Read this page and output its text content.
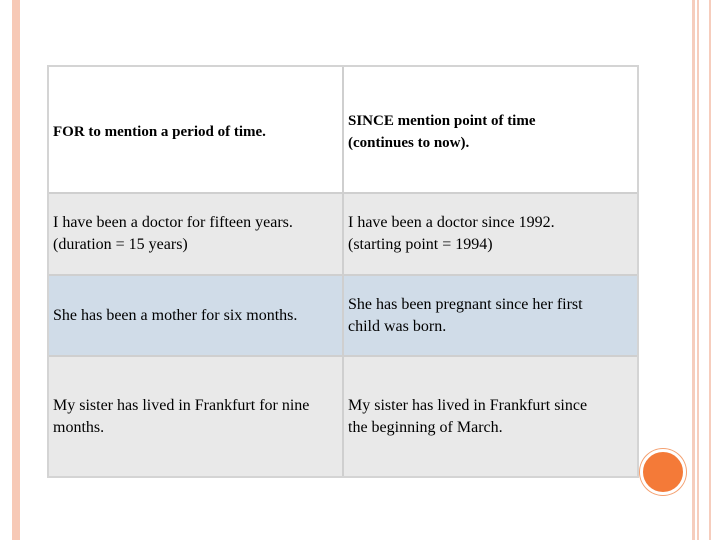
FOR to mention a period of time.
SINCE mention point of time
(continues to now).
I have been a doctor for fifteen years.
(duration = 15 years)
I have been a doctor since 1992.
(starting point = 1994)
She has been a mother for six months.
She has been pregnant since her first
child was born.
My sister has lived in Frankfurt for nine
months.
My sister has lived in Frankfurt since
the beginning of March.
